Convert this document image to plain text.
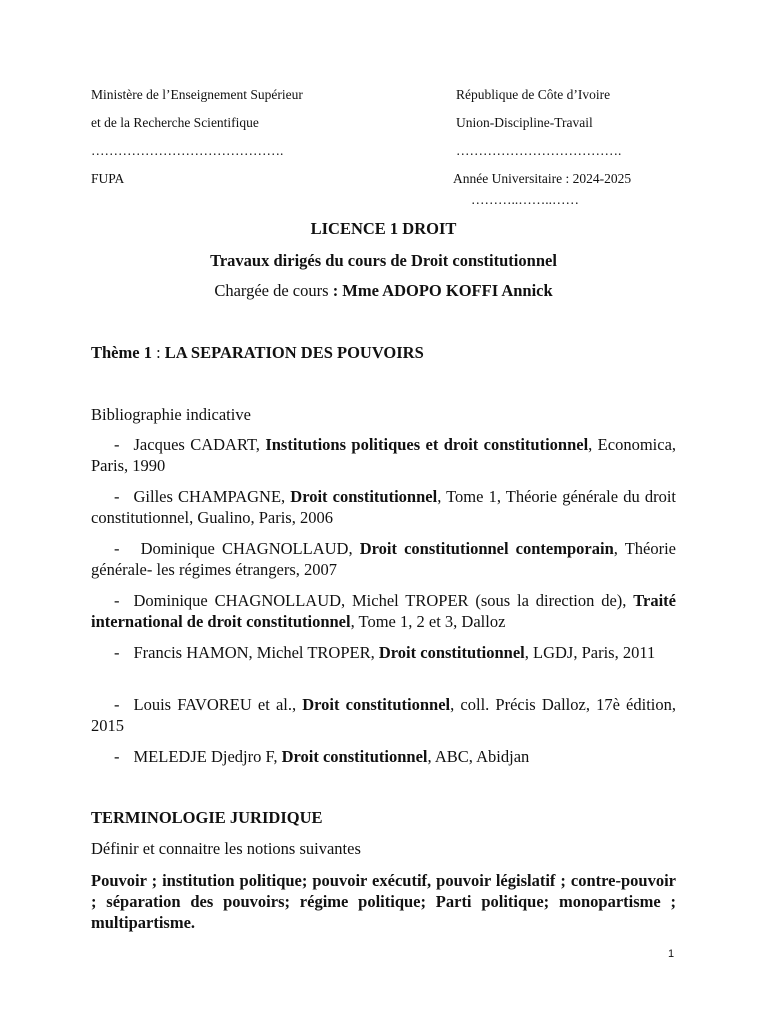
Ministère de l’Enseignement Supérieur
et de la Recherche Scientifique
…………………………………….
FUPA
République de Côte d’Ivoire
Union-Discipline-Travail
……………………………….
Année Universitaire : 2024-2025
………..……..……
LICENCE 1 DROIT
Travaux dirigés du cours de Droit constitutionnel
Chargée de cours : Mme ADOPO KOFFI Annick
Thème 1 : LA SEPARATION DES POUVOIRS
Bibliographie indicative
- Jacques CADART, Institutions politiques et droit constitutionnel, Economica, Paris, 1990
- Gilles CHAMPAGNE, Droit constitutionnel, Tome 1, Théorie générale du droit constitutionnel, Gualino, Paris, 2006
- Dominique CHAGNOLLAUD, Droit constitutionnel contemporain, Théorie générale- les régimes étrangers, 2007
- Dominique CHAGNOLLAUD, Michel TROPER (sous la direction de), Traité international de droit constitutionnel, Tome 1, 2 et 3, Dalloz
- Francis HAMON, Michel TROPER, Droit constitutionnel, LGDJ, Paris, 2011
- Louis FAVOREU et al., Droit constitutionnel, coll. Précis Dalloz, 17è édition, 2015
- MELEDJE Djedjro F, Droit constitutionnel, ABC, Abidjan
TERMINOLOGIE JURIDIQUE
Définir et connaitre les notions suivantes
Pouvoir ; institution politique; pouvoir exécutif, pouvoir législatif ; contre-pouvoir ; séparation des pouvoirs; régime politique; Parti politique; monopartisme ; multipartisme.
1
